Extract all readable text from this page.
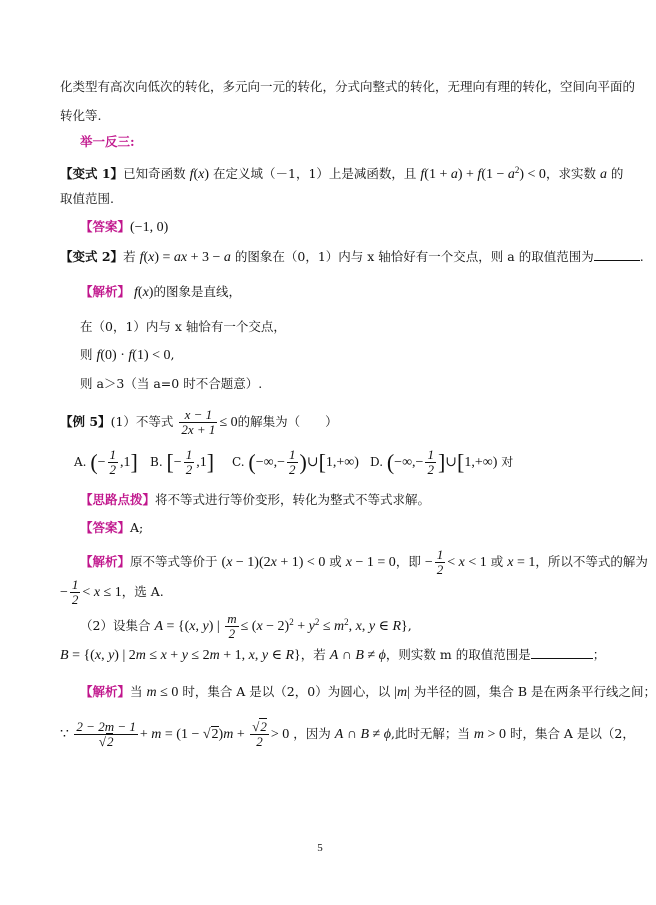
化类型有高次向低次的转化，多元向一元的转化，分式向整式的转化，无理向有理的转化，空间向平面的
转化等.
举一反三:
【变式 1】已知奇函数 f(x) 在定义域（－1，1）上是减函数，且 $f(1 + a) + f(1 - a^2) < 0$，求实数 a 的
取值范围.
【答案】(−1, 0)
【变式 2】若 f(x) = ax + 3 − a 的图象在（0，1）内与 x 轴恰好有一个交点，则 a 的取值范围为	.
【解析】 f(x)的图象是直线，
在（0，1）内与 x 轴恰有一个交点，
则 f(0) · f(1) < 0,
则 a＞3（当 a=0 时不合题意）.
【例 5】(1）不等式 $\frac{x - 1}{2x + 1} \le 0$的解集为（　　）
A. (− $\frac{1}{2} ,1$] B. [− $\frac{1}{2} ,1$] C. (−∞,− $\frac{1}{2}$ )∪[1,+∞) D. (−∞,− $\frac{1}{2}$ ]∪[1,+∞) 对
【思路点拨】将不等式进行等价变形，转化为整式不等式求解。
【答案】A;
【解析】原不等式等价于 (x − 1)(2x + 1) < 0 或 x − 1 = 0，即 − $\frac{1}{2} < x < 1$ 或 x = 1，所以不等式的解为
− $\frac{1}{2} < x \le 1$，选 A.
（2）设集合 A = {(x, y) | $\frac{m}{2} \le (x - 2)^2 + y^2 \le m^2$, x, y ∈ R},
B = {(x, y) | 2m ≤ x + y ≤ 2m + 1, x, y ∈ R}，若 A ∩ B ≠ ϕ，则实数 m 的取值范围是	；
【解析】当 m ≤ 0 时，集合 A 是以（2，0）为圆心，以 |m| 为半径的圆，集合 B 是在两条平行线之间；
∵ $\frac{2 - 2m - 1}{√2} + m = (1 - √2)m + \frac{√2}{2} > 0$ ，因为 A ∩ B ≠ ϕ,此时无解；当 m > 0 时，集合 A 是以（2，
5
